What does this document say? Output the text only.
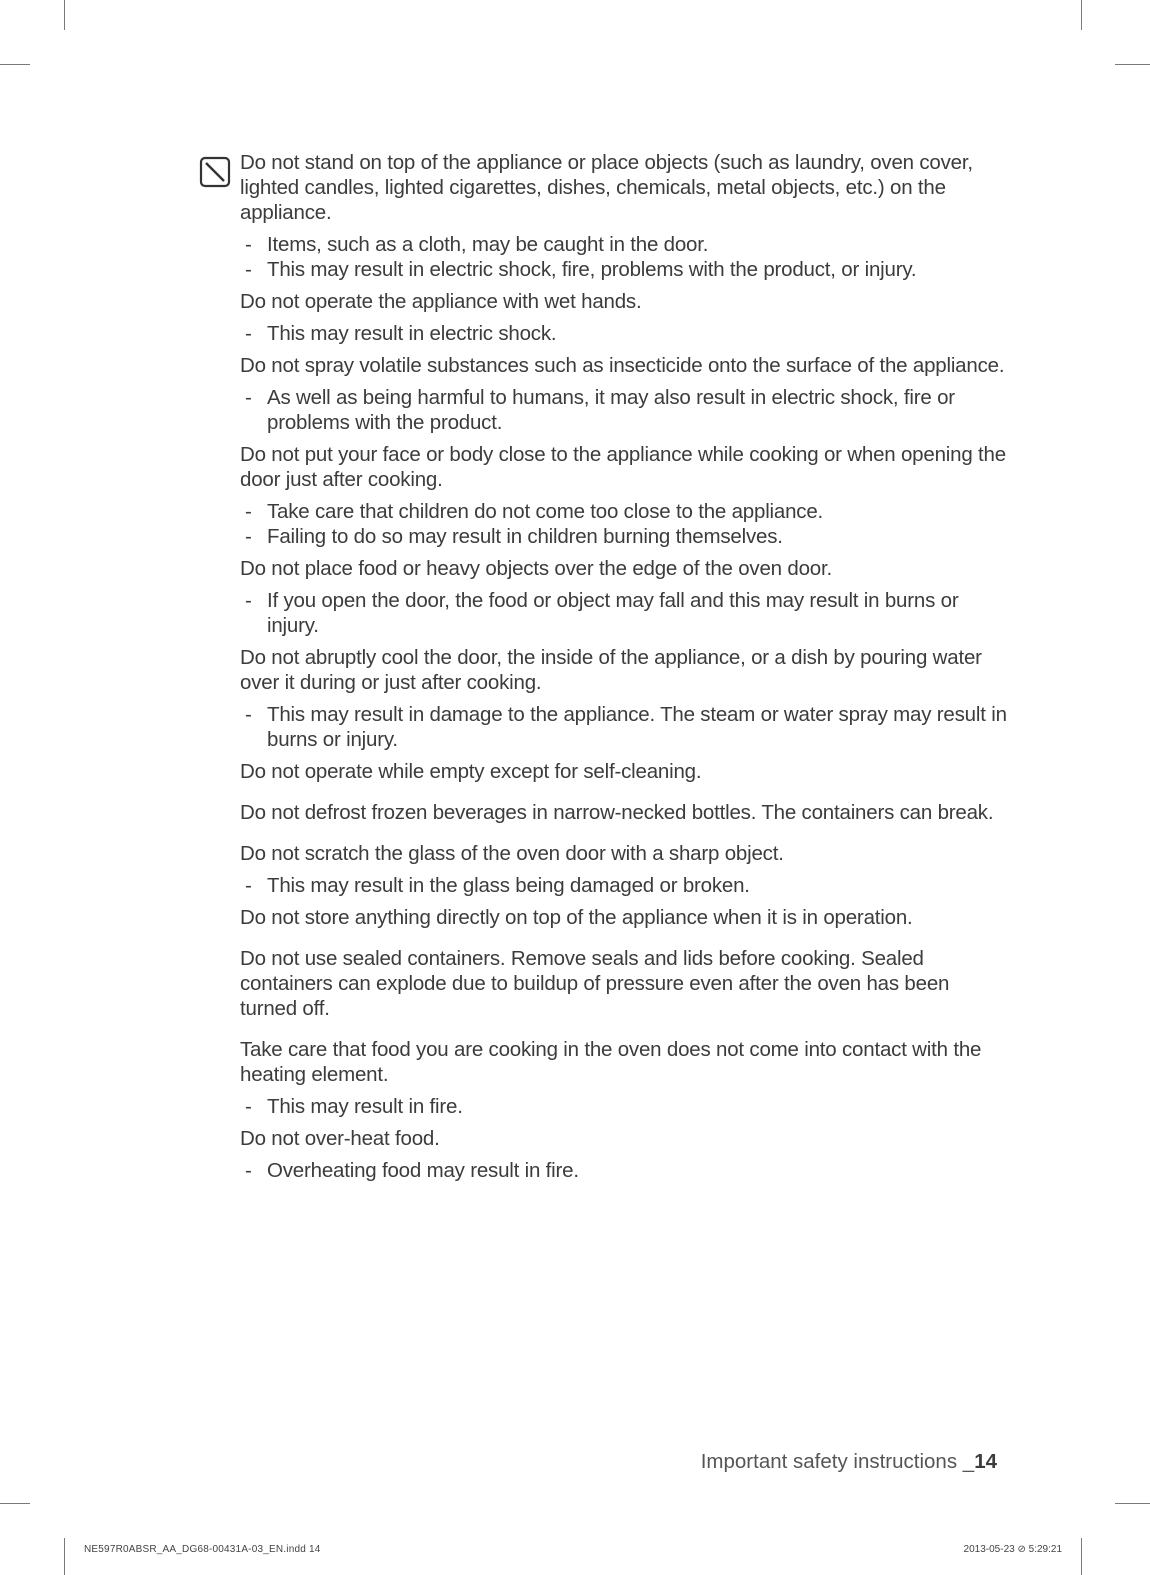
Do not stand on top of the appliance or place objects (such as laundry, oven cover, lighted candles, lighted cigarettes, dishes, chemicals, metal objects, etc.) on the appliance.

- Items, such as a cloth, may be caught in the door.
- This may result in electric shock, fire, problems with the product, or injury.

Do not operate the appliance with wet hands.

- This may result in electric shock.

Do not spray volatile substances such as insecticide onto the surface of the appliance.

- As well as being harmful to humans, it may also result in electric shock, fire or problems with the product.

Do not put your face or body close to the appliance while cooking or when opening the door just after cooking.

- Take care that children do not come too close to the appliance.
- Failing to do so may result in children burning themselves.

Do not place food or heavy objects over the edge of the oven door.

- If you open the door, the food or object may fall and this may result in burns or injury.

Do not abruptly cool the door, the inside of the appliance, or a dish by pouring water over it during or just after cooking.

- This may result in damage to the appliance. The steam or water spray may result in burns or injury.

Do not operate while empty except for self-cleaning.

Do not defrost frozen beverages in narrow-necked bottles. The containers can break.

Do not scratch the glass of the oven door with a sharp object.

- This may result in the glass being damaged or broken.

Do not store anything directly on top of the appliance when it is in operation.

Do not use sealed containers. Remove seals and lids before cooking. Sealed containers can explode due to buildup of pressure even after the oven has been turned off.

Take care that food you are cooking in the oven does not come into contact with the heating element.

- This may result in fire.

Do not over-heat food.

- Overheating food may result in fire.
Important safety instructions _14
NE597R0ABSR_AA_DG68-00431A-03_EN.indd 14	2013-05-23 ⊘ 5:29:21
